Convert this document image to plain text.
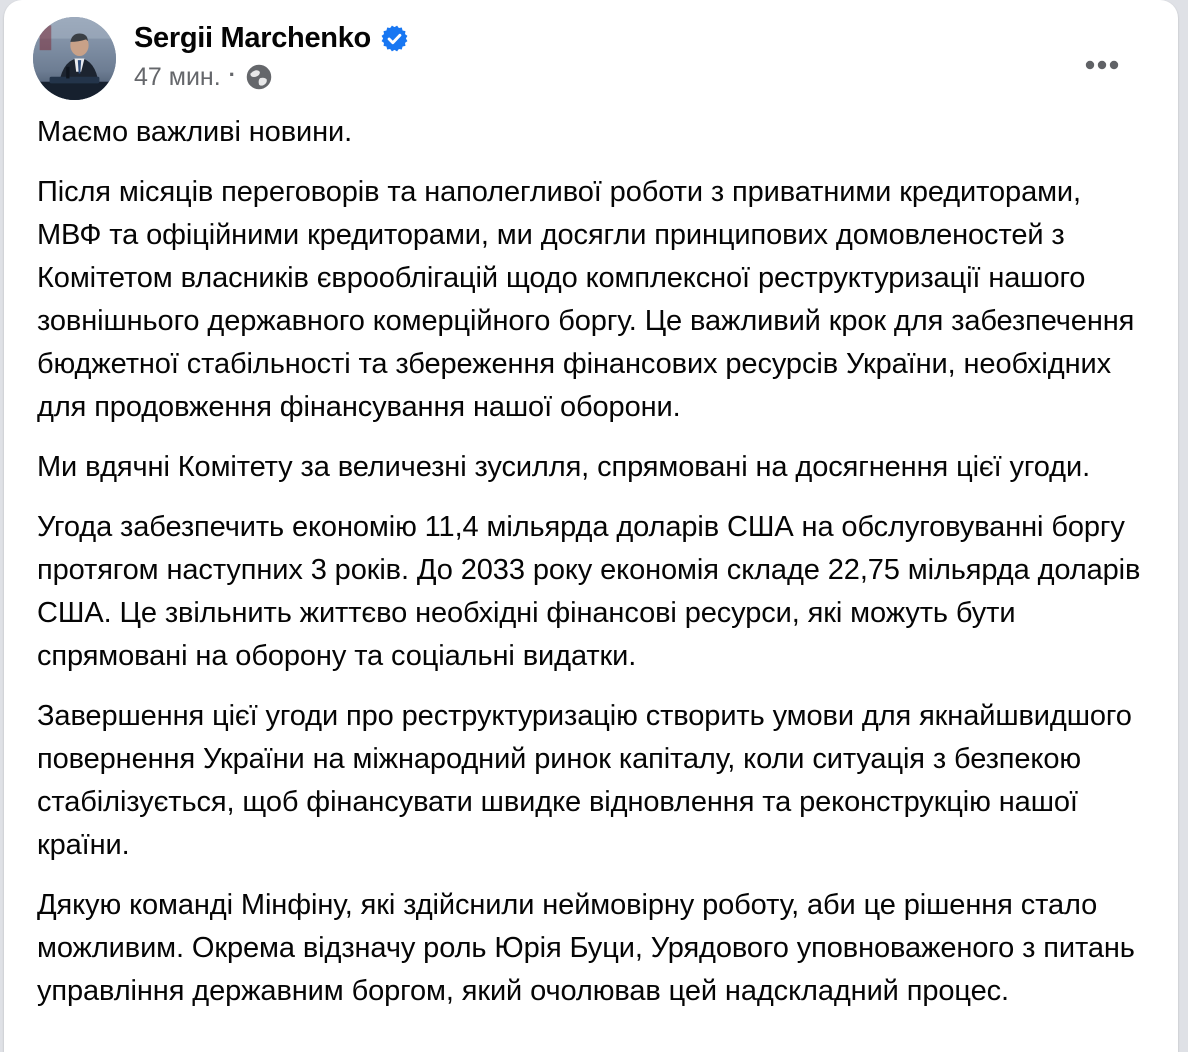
Sergii Marchenko
47 мин. ·

Маємо важливі новини.

Після місяців переговорів та наполегливої роботи з приватними кредиторами, МВФ та офіційними кредиторами, ми досягли принципових домовленостей з Комітетом власників єврооблігацій щодо комплексної реструктуризації нашого зовнішнього державного комерційного боргу. Це важливий крок для забезпечення бюджетної стабільності та збереження фінансових ресурсів України, необхідних для продовження фінансування нашої оборони.

Ми вдячні Комітету за величезні зусилля, спрямовані на досягнення цієї угоди.

Угода забезпечить економію 11,4 мільярда доларів США на обслуговуванні боргу протягом наступних 3 років. До 2033 року економія складе 22,75 мільярда доларів США. Це звільнить життєво необхідні фінансові ресурси, які можуть бути спрямовані на оборону та соціальні видатки.

Завершення цієї угоди про реструктуризацію створить умови для якнайшвидшого повернення України на міжнародний ринок капіталу, коли ситуація з безпекою стабілізується, щоб фінансувати швидке відновлення та реконструкцію нашої країни.

Дякую команді Мінфіну, які здійснили неймовірну роботу, аби це рішення стало можливим. Окрема відзначу роль Юрія Буци, Урядового уповноваженого з питань управління державним боргом, який очолював цей надскладний процес.
